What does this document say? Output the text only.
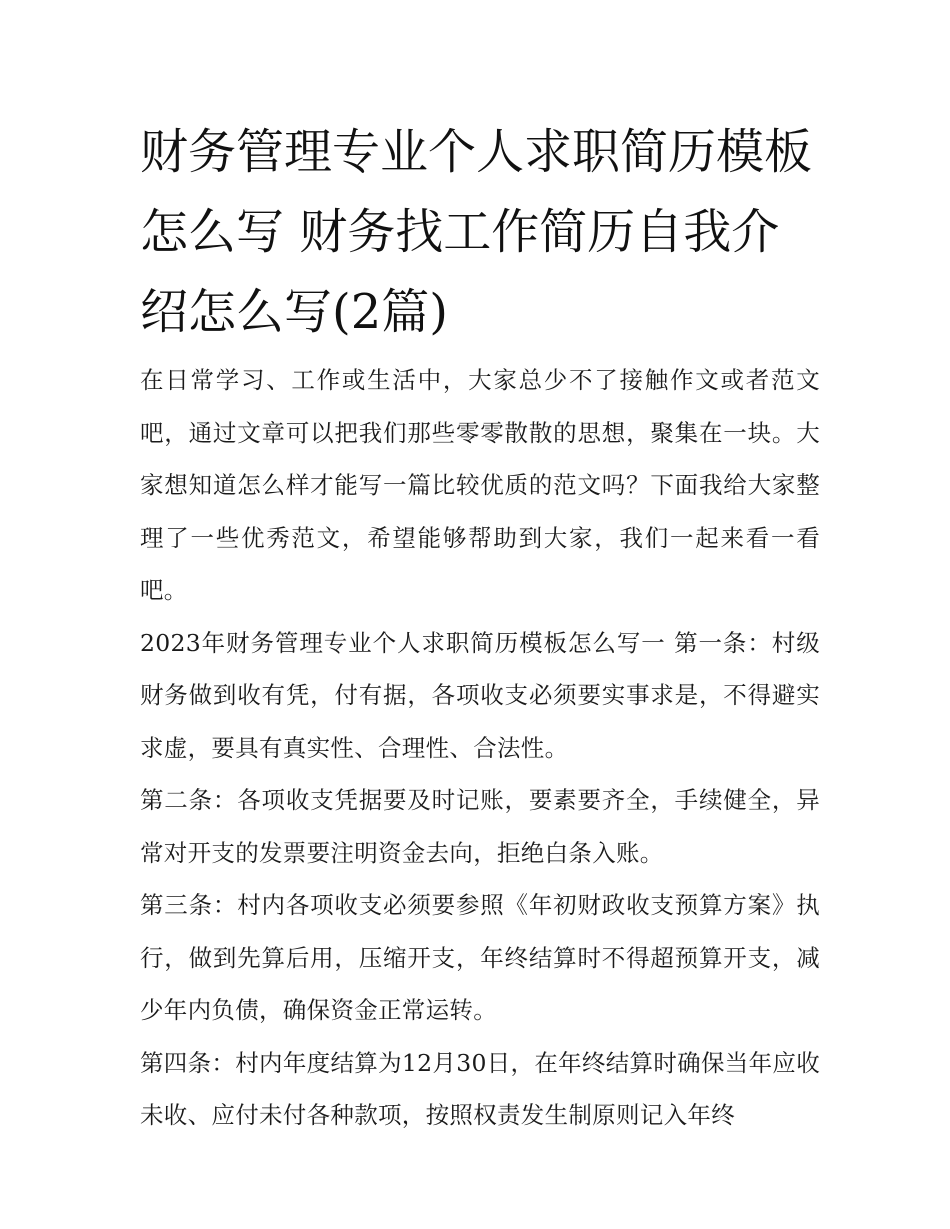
财务管理专业个人求职简历模板怎么写 财务找工作简历自我介绍怎么写(2篇)

在日常学习、工作或生活中，大家总少不了接触作文或者范文吧，通过文章可以把我们那些零零散散的思想，聚集在一块。大家想知道怎么样才能写一篇比较优质的范文吗？下面我给大家整理了一些优秀范文，希望能够帮助到大家，我们一起来看一看吧。

2023年财务管理专业个人求职简历模板怎么写一 第一条：村级财务做到收有凭，付有据，各项收支必须要实事求是，不得避实求虚，要具有真实性、合理性、合法性。

第二条：各项收支凭据要及时记账，要素要齐全，手续健全，异常对开支的发票要注明资金去向，拒绝白条入账。

第三条：村内各项收支必须要参照《年初财政收支预算方案》执行，做到先算后用，压缩开支，年终结算时不得超预算开支，减少年内负债，确保资金正常运转。

第四条：村内年度结算为12月30日，在年终结算时确保当年应收未收、应付未付各种款项，按照权责发生制原则记入年终
